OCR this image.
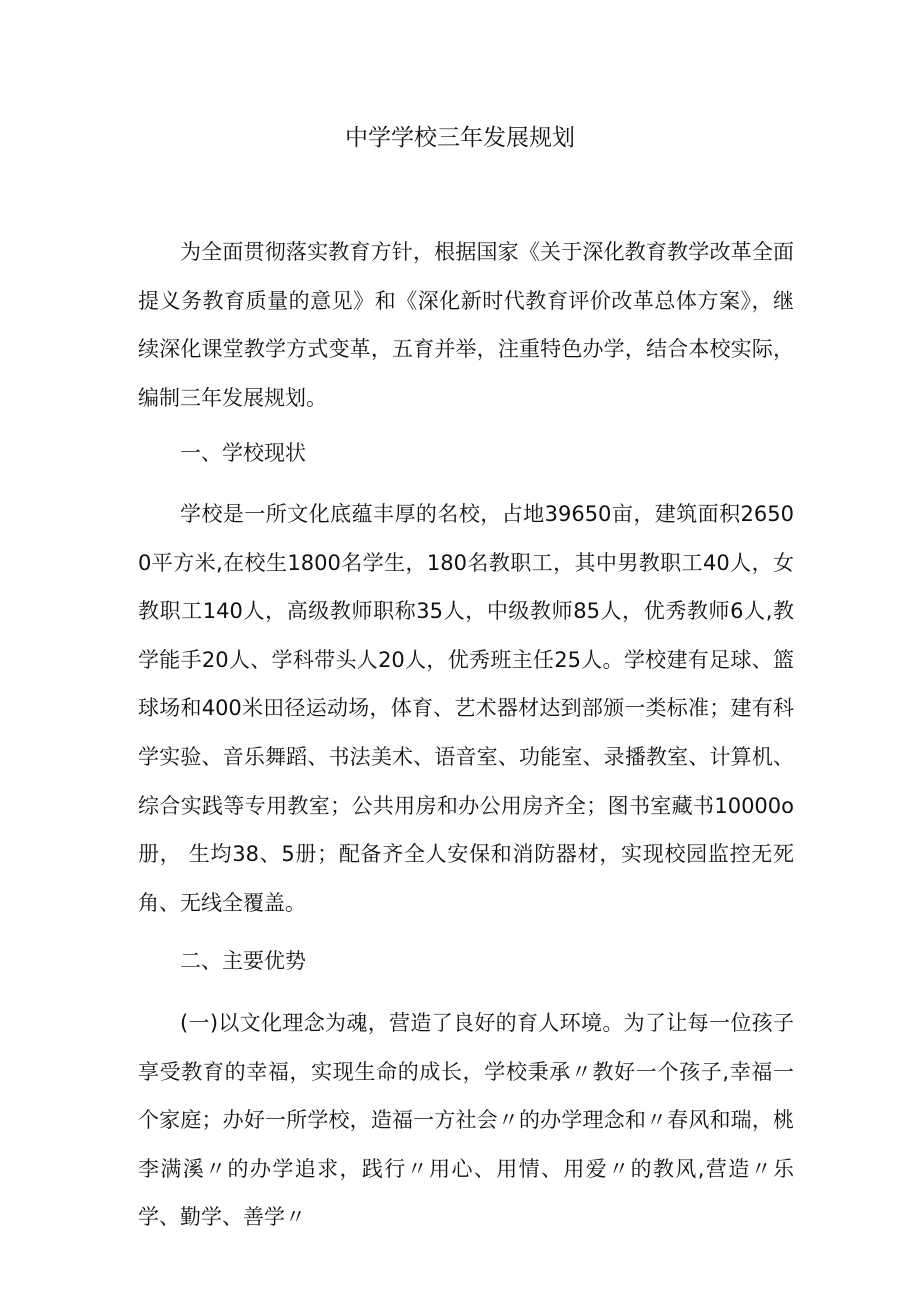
中学学校三年发展规划

为全面贯彻落实教育方针，根据国家《关于深化教育教学改革全面提义务教育质量的意见》和《深化新时代教育评价改革总体方案》，继续深化课堂教学方式变革，五育并举，注重特色办学，结合本校实际，编制三年发展规划。

一、学校现状

学校是一所文化底蕴丰厚的名校，占地39650亩，建筑面积26500平方米,在校生1800名学生，180名教职工，其中男教职工40人，女教职工140人，高级教师职称35人，中级教师85人，优秀教师6人,教学能手20人、学科带头人20人，优秀班主任25人。学校建有足球、篮球场和400米田径运动场，体育、艺术器材达到部颁一类标准；建有科学实验、音乐舞蹈、书法美术、语音室、功能室、录播教室、计算机、综合实践等专用教室；公共用房和办公用房齐全；图书室藏书10000o册， 生均38、5册；配备齐全人安保和消防器材，实现校园监控无死角、无线全覆盖。

二、主要优势

(一)以文化理念为魂，营造了良好的育人环境。为了让每一位孩子享受教育的幸福，实现生命的成长，学校秉承〃教好一个孩子,幸福一个家庭；办好一所学校，造福一方社会〃的办学理念和〃春风和瑞，桃李满溪〃的办学追求，践行〃用心、用情、用爱〃的教风,营造〃乐学、勤学、善学〃
